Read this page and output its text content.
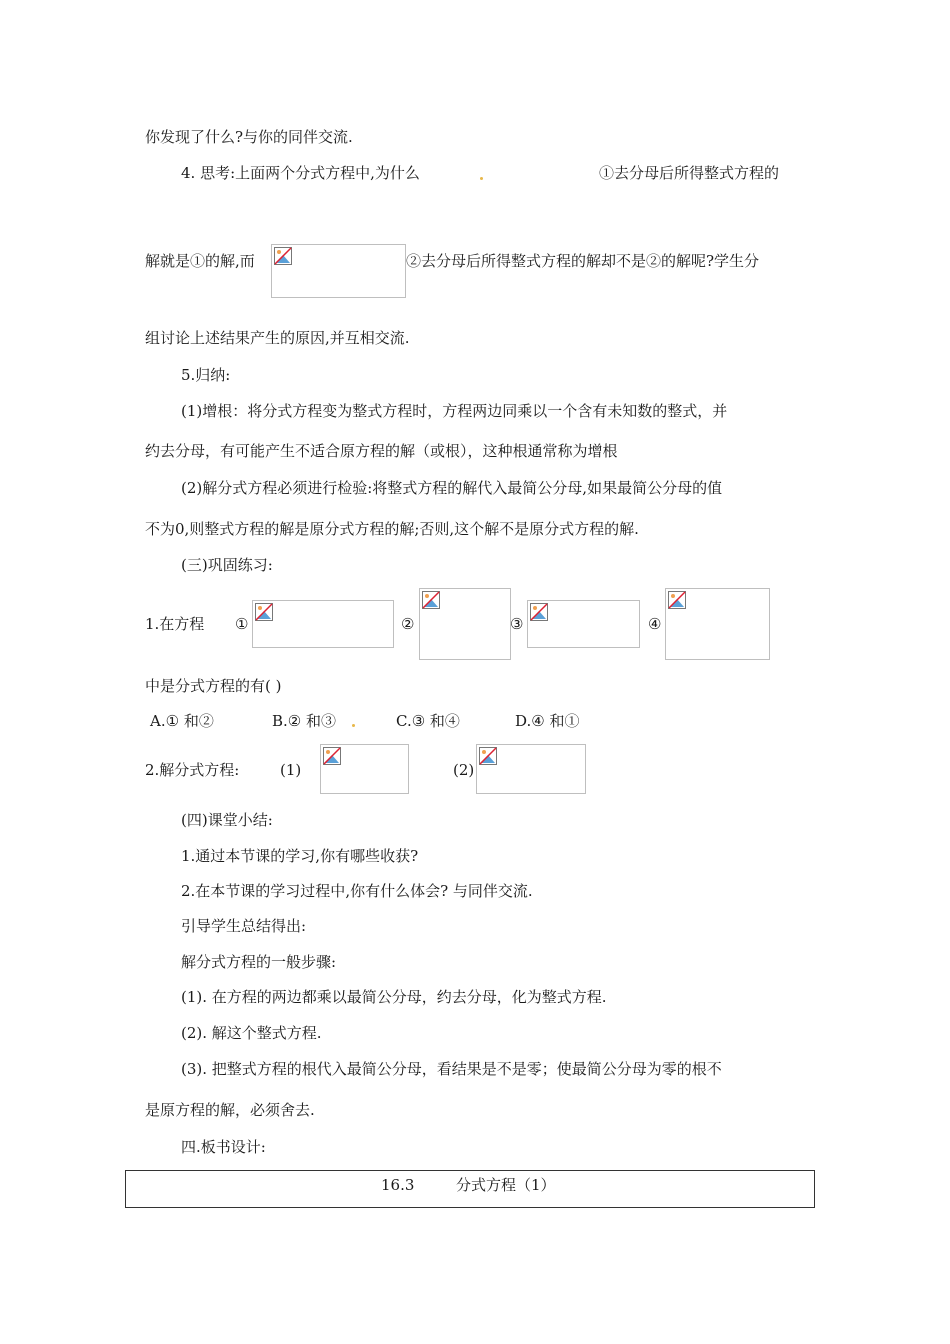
你发现了什么?与你的同伴交流.
4. 思考:上面两个分式方程中,为什么	①去分母后所得整式方程的
解就是①的解,而	②去分母后所得整式方程的解却不是②的解呢?学生分
组讨论上述结果产生的原因,并互相交流.
5.归纳:
(1)增根：将分式方程变为整式方程时，方程两边同乘以一个含有未知数的整式，并
约去分母，有可能产生不适合原方程的解（或根），这种根通常称为增根
(2)解分式方程必须进行检验:将整式方程的解代入最简公分母,如果最简公分母的值
不为0,则整式方程的解是原分式方程的解;否则,这个解不是原分式方程的解.
(三)巩固练习:
1.在方程 ①	②	③	④
中是分式方程的有( )
A.① 和②	B.② 和③	C.③ 和④	D.④ 和①
2.解分式方程:	(1)	(2)
(四)课堂小结:
1.通过本节课的学习,你有哪些收获?
2.在本节课的学习过程中,你有什么体会? 与同伴交流.
引导学生总结得出:
解分式方程的一般步骤:
(1). 在方程的两边都乘以最简公分母，约去分母，化为整式方程.
(2). 解这个整式方程.
(3). 把整式方程的根代入最简公分母，看结果是不是零；使最简公分母为零的根不
是原方程的解，必须舍去.
四.板书设计:
16.3	分式方程（1）
